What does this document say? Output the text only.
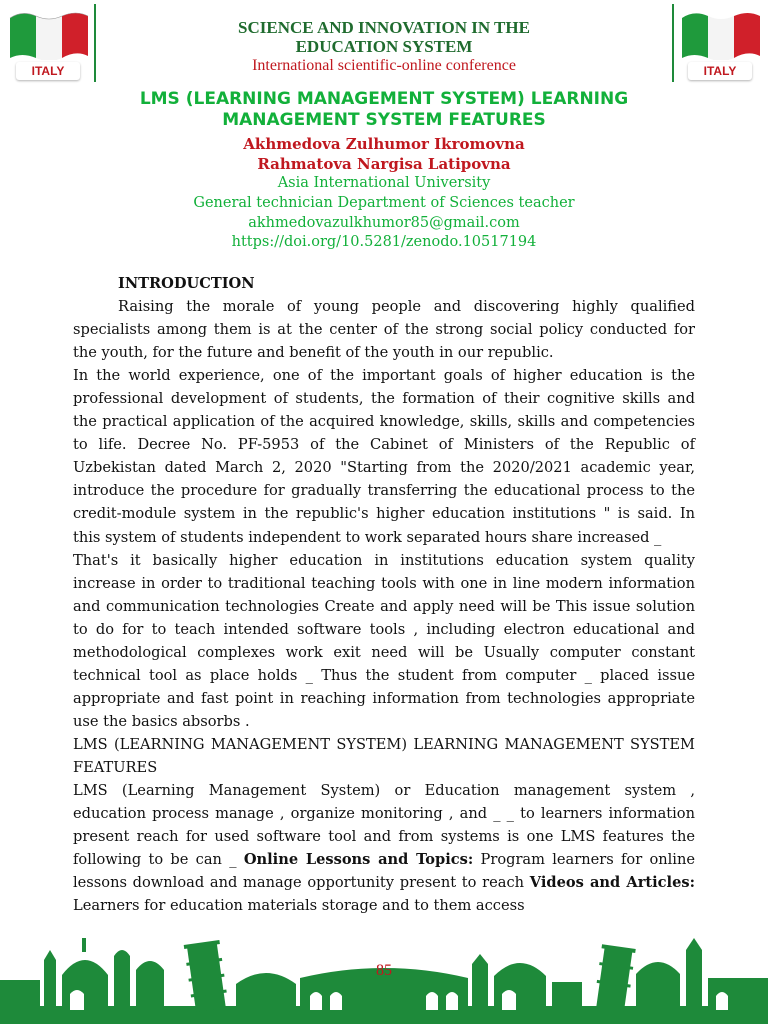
ITALY
SCIENCE AND INNOVATION IN THE
EDUCATION SYSTEM
International scientific-online conference	ITALY
LMS (LEARNING MANAGEMENT SYSTEM) LEARNING
MANAGEMENT SYSTEM FEATURES
Akhmedova Zulhumor Ikromovna
Rahmatova Nargisa Latipovna
Asia International University
General technician Department of Sciences teacher
akhmedovazulkhumor85@gmail.com
https://doi.org/10.5281/zenodo.10517194

INTRODUCTION

Raising the morale of young people and discovering highly qualified specialists among them is at the center of the strong social policy conducted for the youth, for the future and benefit of the youth in our republic.

In the world experience, one of the important goals of higher education is the professional development of students, the formation of their cognitive skills and the practical application of the acquired knowledge, skills, skills and competencies to life. Decree No. PF-5953 of the Cabinet of Ministers of the Republic of Uzbekistan dated March 2, 2020 "Starting from the 2020/2021 academic year, introduce the procedure for gradually transferring the educational process to the credit-module system in the republic's higher education institutions " is said. In this system of students independent to work separated hours share increased _

That's it basically higher education in institutions education system quality increase in order to traditional teaching tools with one in line modern information and communication technologies Create and apply need will be This issue solution to do for to teach intended software tools , including electron educational and methodological complexes work exit need will be Usually computer constant technical tool as place holds _ Thus the student from computer _ placed issue appropriate and fast point in reaching information from technologies appropriate use the basics absorbs .

LMS (LEARNING MANAGEMENT SYSTEM) LEARNING MANAGEMENT SYSTEM FEATURES

LMS (Learning Management System) or Education management system , education process manage , organize monitoring , and _ _ to learners information present reach for used software tool and from systems is one LMS features the following to be can _ Online Lessons and Topics: Program learners for online lessons download and manage opportunity present to reach Videos and Articles: Learners for education materials storage and to them access

85
